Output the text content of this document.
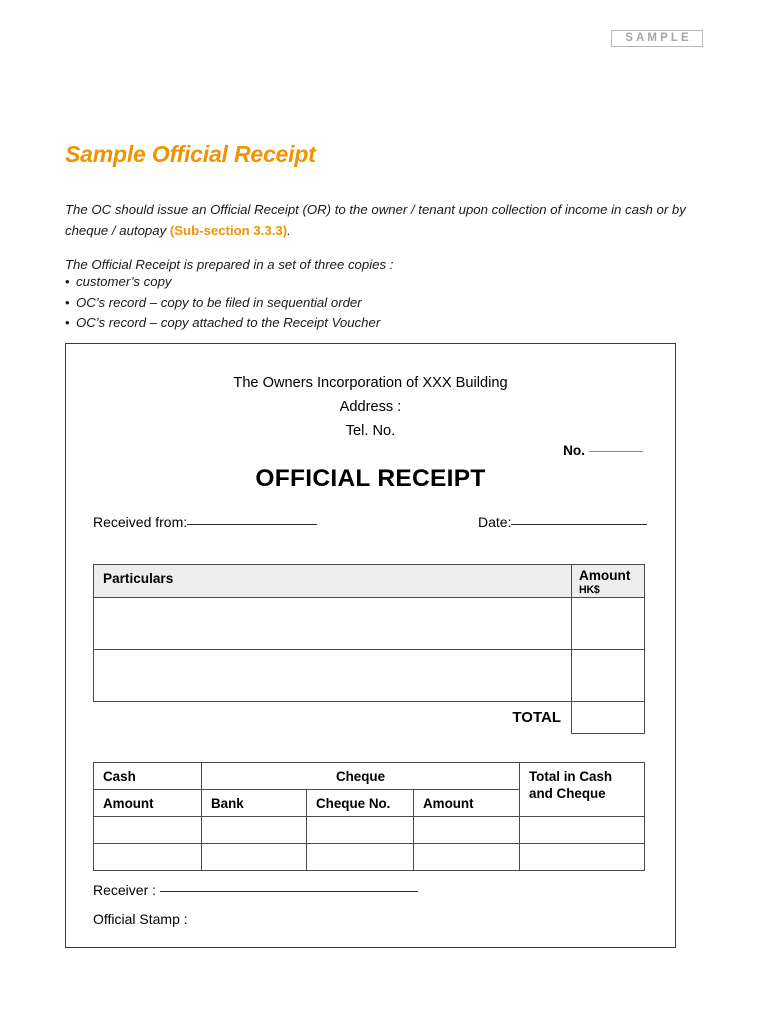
SAMPLE
Sample Official Receipt

The OC should issue an Official Receipt (OR) to the owner / tenant upon collection of income in cash or by cheque / autopay (Sub-section 3.3.3).

The Official Receipt is prepared in a set of three copies :

• customer’s copy
• OC’s record – copy to be filed in sequential order
• OC’s record – copy attached to the Receipt Voucher
The Owners Incorporation of XXX Building
Address :
Tel. No.
No.
OFFICIAL RECEIPT
Received from:	Date:
Particulars	Amount
HK$

TOTAL	
Cash	Cheque			Total in Cash and Cheque
Amount	Bank	Cheque No.	Amount	

Receiver :
Official Stamp :
